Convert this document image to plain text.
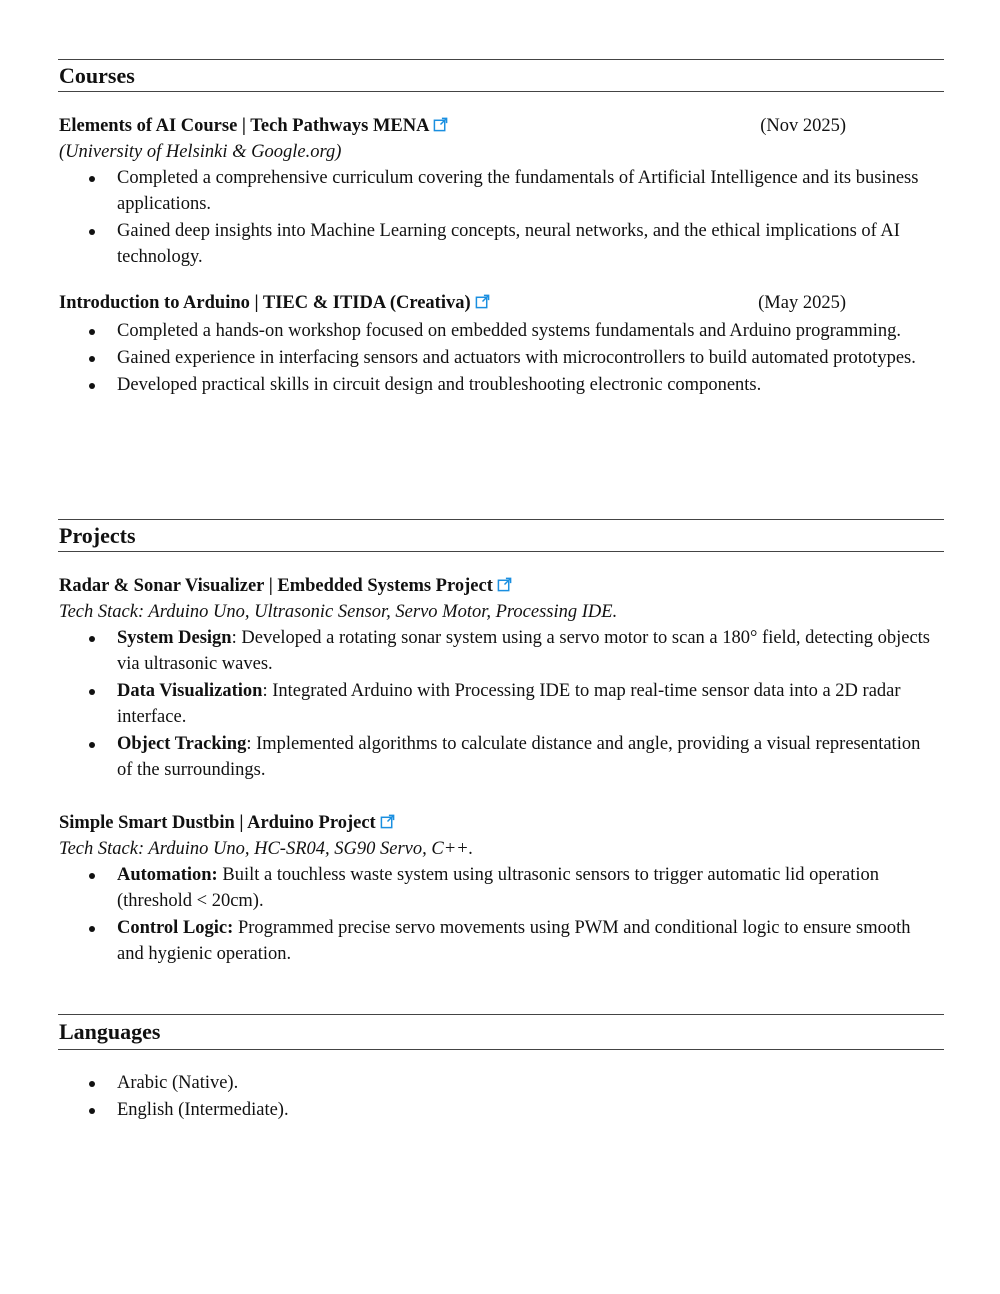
Courses
Elements of AI Course | Tech Pathways MENA	(Nov 2025)
(University of Helsinki & Google.org)
Completed a comprehensive curriculum covering the fundamentals of Artificial Intelligence and its business applications.
Gained deep insights into Machine Learning concepts, neural networks, and the ethical implications of AI technology.
Introduction to Arduino | TIEC & ITIDA (Creativa)	(May 2025)
Completed a hands-on workshop focused on embedded systems fundamentals and Arduino programming.
Gained experience in interfacing sensors and actuators with microcontrollers to build automated prototypes.
Developed practical skills in circuit design and troubleshooting electronic components.
Projects
Radar & Sonar Visualizer | Embedded Systems Project
Tech Stack: Arduino Uno, Ultrasonic Sensor, Servo Motor, Processing IDE.
System Design: Developed a rotating sonar system using a servo motor to scan a 180° field, detecting objects via ultrasonic waves.
Data Visualization: Integrated Arduino with Processing IDE to map real-time sensor data into a 2D radar interface.
Object Tracking: Implemented algorithms to calculate distance and angle, providing a visual representation of the surroundings.
Simple Smart Dustbin | Arduino Project
Tech Stack: Arduino Uno, HC-SR04, SG90 Servo, C++.
Automation: Built a touchless waste system using ultrasonic sensors to trigger automatic lid operation (threshold < 20cm).
Control Logic: Programmed precise servo movements using PWM and conditional logic to ensure smooth and hygienic operation.
Languages
Arabic (Native).
English (Intermediate).
